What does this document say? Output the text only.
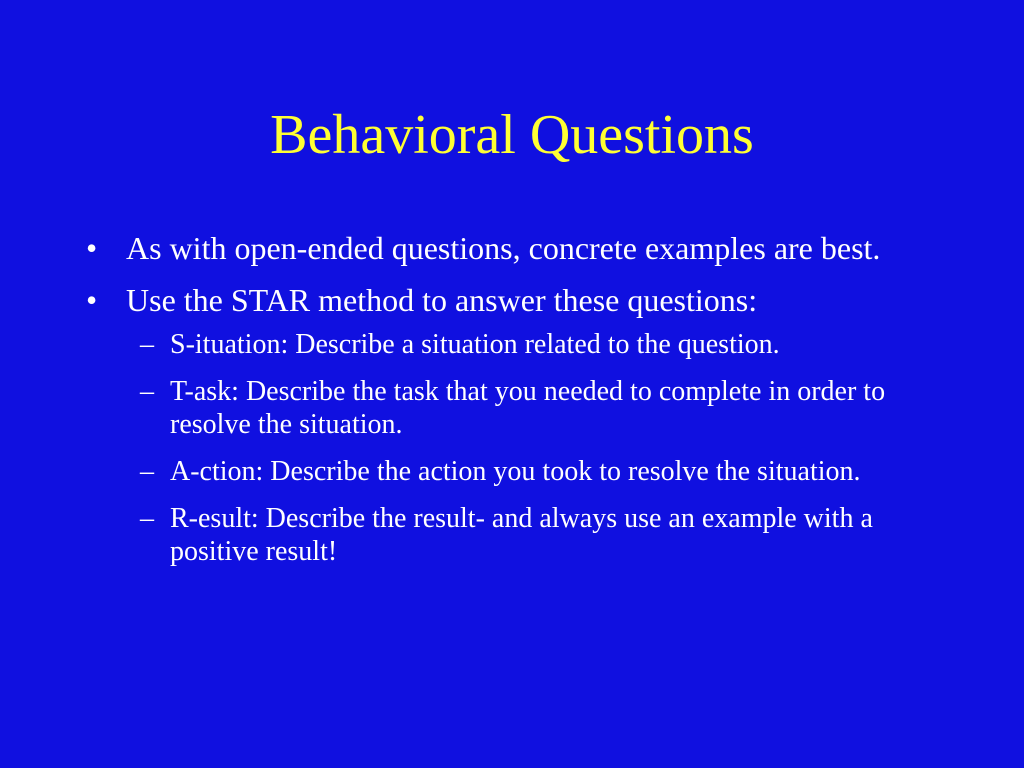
Behavioral Questions
• As with open-ended questions, concrete examples are best.
• Use the STAR method to answer these questions:
– S-ituation: Describe a situation related to the question.
– T-ask: Describe the task that you needed to complete in order to resolve the situation.
– A-ction: Describe the action you took to resolve the situation.
– R-esult: Describe the result- and always use an example with a positive result!
